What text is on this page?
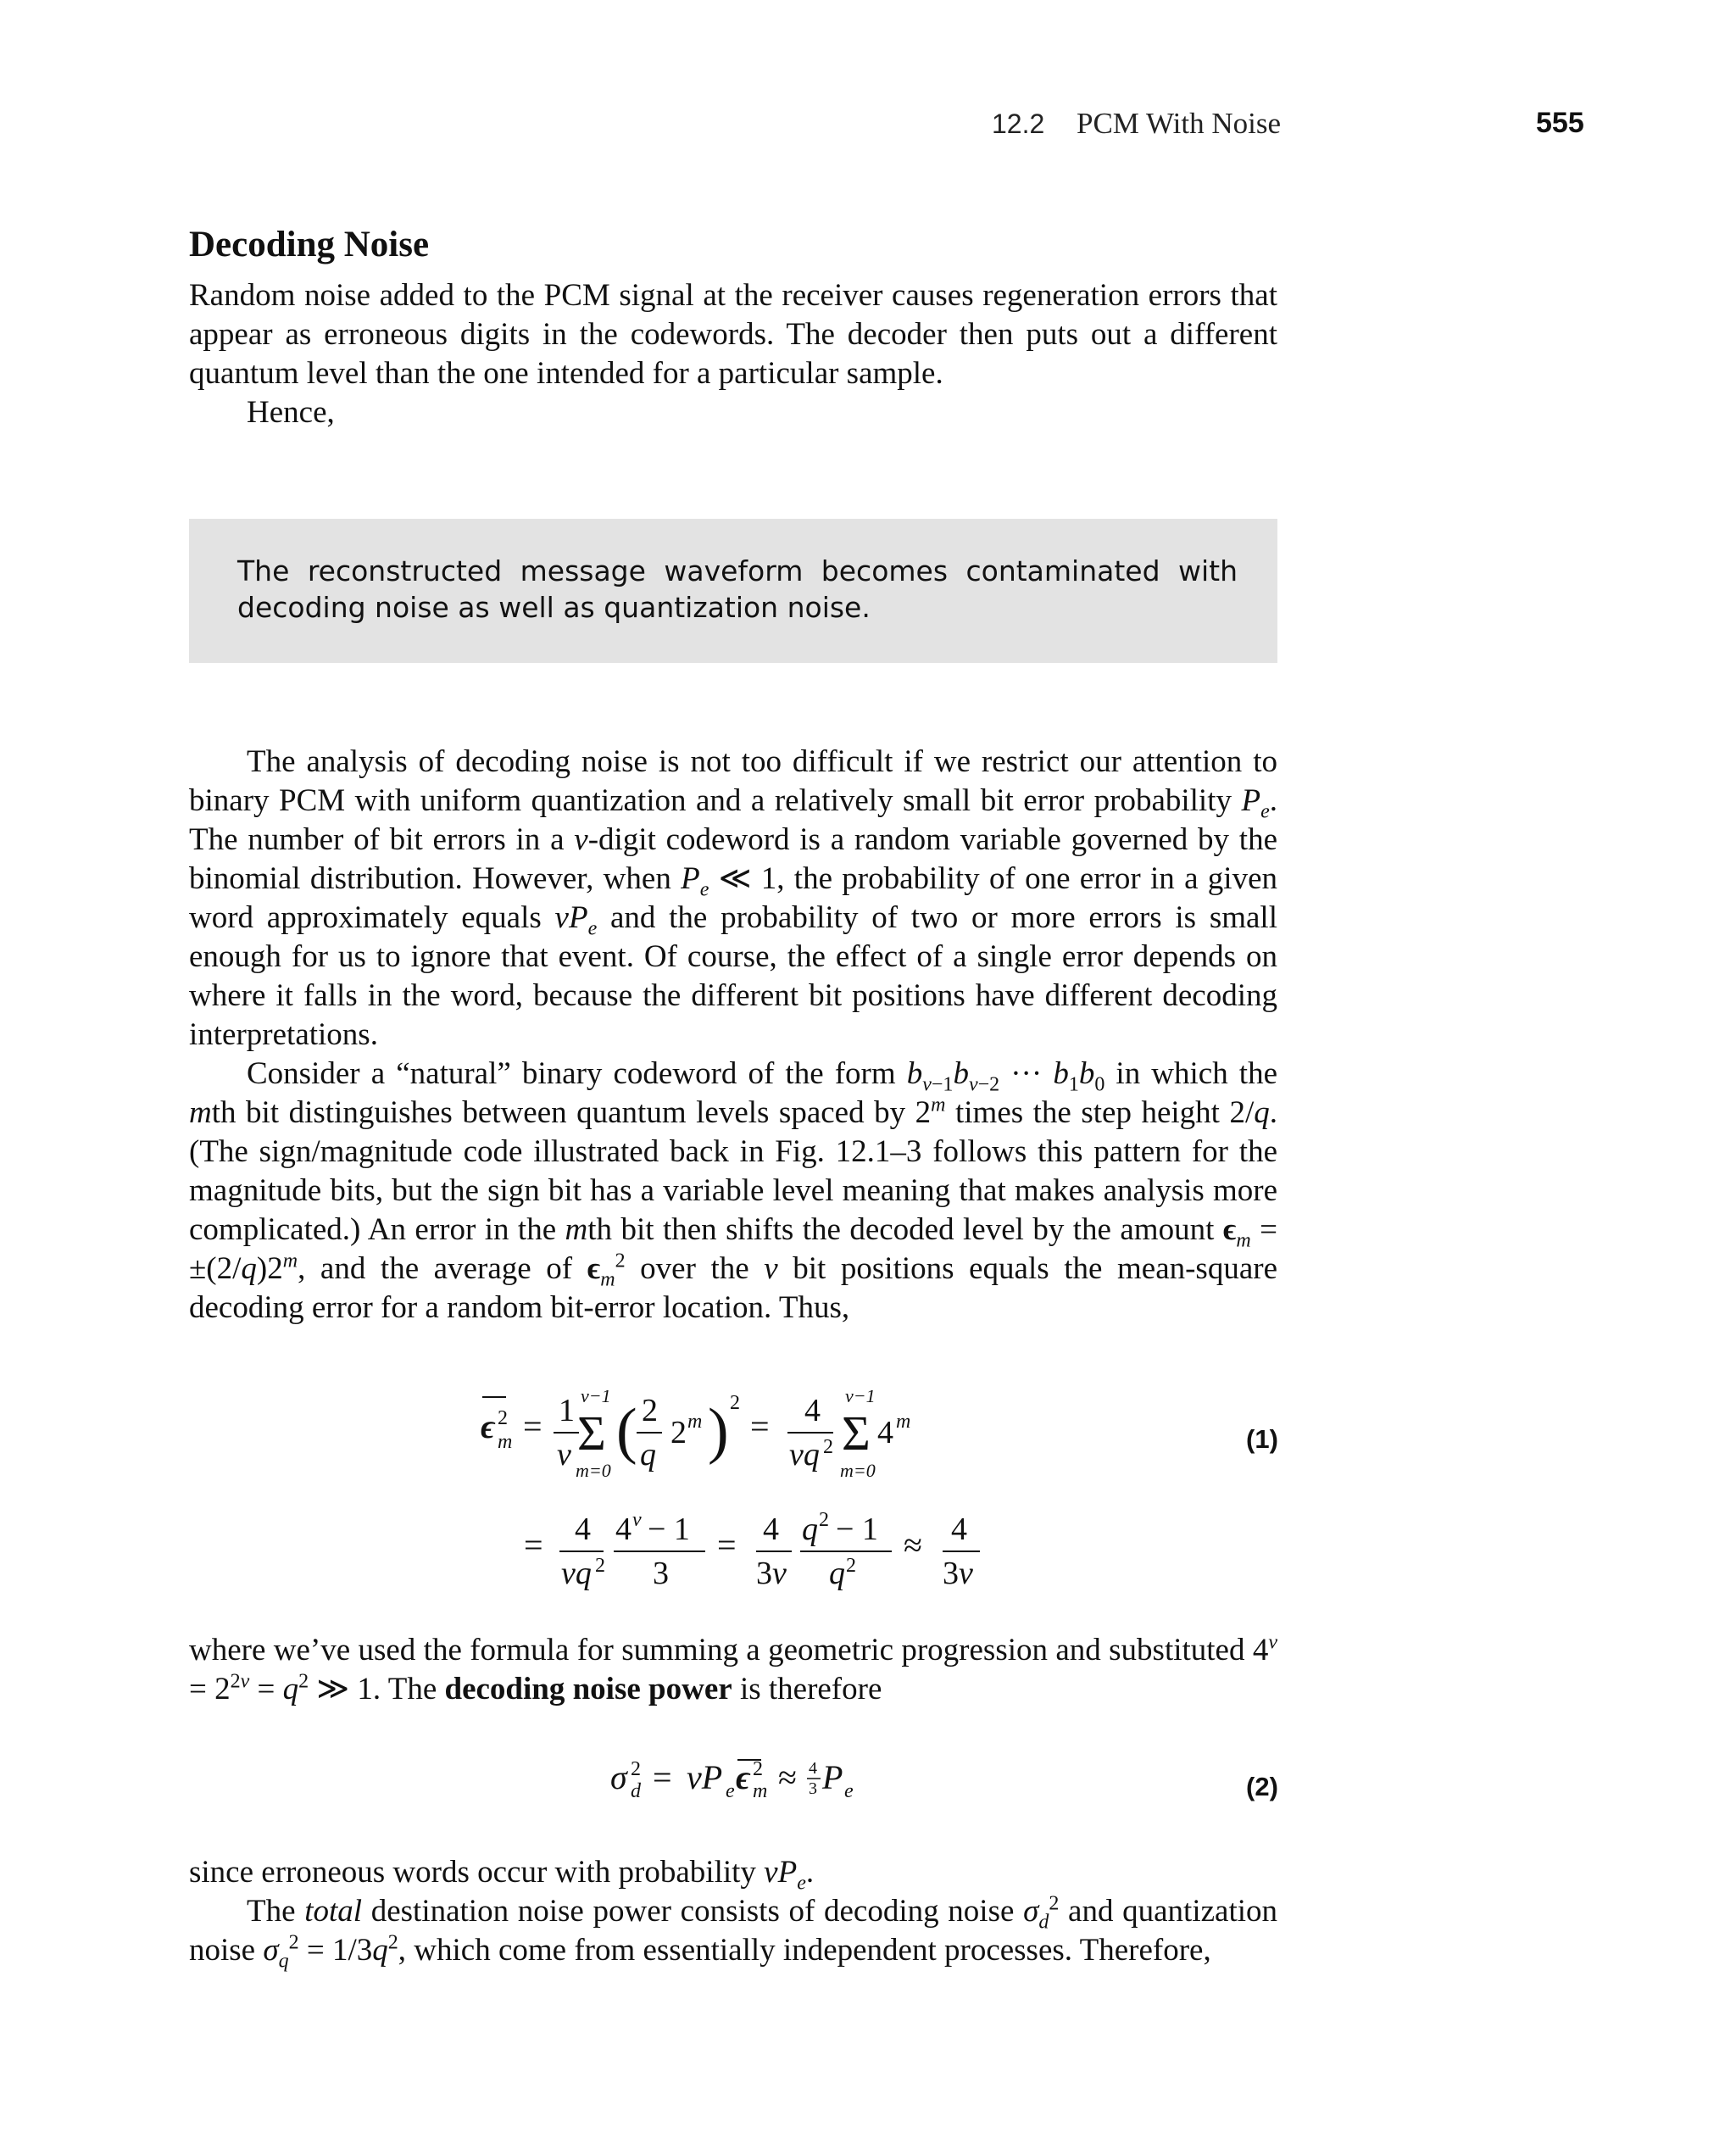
12.2 PCM With Noise	555
Decoding Noise

Random noise added to the PCM signal at the receiver causes regeneration errors that appear as erroneous digits in the codewords. The decoder then puts out a different quantum level than the one intended for a particular sample.

Hence,

The reconstructed message waveform becomes contaminated with decoding noise as well as quantization noise.

The analysis of decoding noise is not too difficult if we restrict our attention to binary PCM with uniform quantization and a relatively small bit error probability $P_e$. The number of bit errors in a ν-digit codeword is a random variable governed by the binomial distribution. However, when $P_e$ ≪ 1, the probability of one error in a given word approximately equals $\nu P_e$ and the probability of two or more errors is small enough for us to ignore that event. Of course, the effect of a single error depends on where it falls in the word, because the different bit positions have different decoding interpretations.

Consider a “natural” binary codeword of the form $b_{\nu-1}b_{\nu-2}$ ··· $b_1b_0$ in which the mth bit distinguishes between quantum levels spaced by 2$^m$ times the step height 2/q. (The sign/magnitude code illustrated back in Fig. 12.1–3 follows this pattern for the magnitude bits, but the sign bit has a variable level meaning that makes analysis more complicated.) An error in the mth bit then shifts the decoded level by the amount $\epsilon_m = \pm(2/q)2^m$, and the average of $\epsilon_m^2$ over the ν bit positions equals the mean-square decoding error for a random bit-error location. Thus,

ϵ 2
m = 1
ν
ν−1
Σ
m=0
( 2
q
2 m ) 2
= 4
νq 2
ν−1
Σ
m=0
4 m
(1)
= 4
νq 2
4 ν − 1
3
= 4
3ν
q 2 − 1
q 2
≈ 4
3ν

where we’ve used the formula for summing a geometric progression and substituted $4^\nu = 2^{2\nu} = q^2$ ≫ 1. The decoding noise power is therefore

σ 2
d = νP e ϵ 2
m ≈ 4
3 P e	(2)

since erroneous words occur with probability $\nu P_e$.

The total destination noise power consists of decoding noise $\sigma_d^2$ and quantization noise $\sigma_q^2 = 1/3q^2$, which come from essentially independent processes. Therefore,
